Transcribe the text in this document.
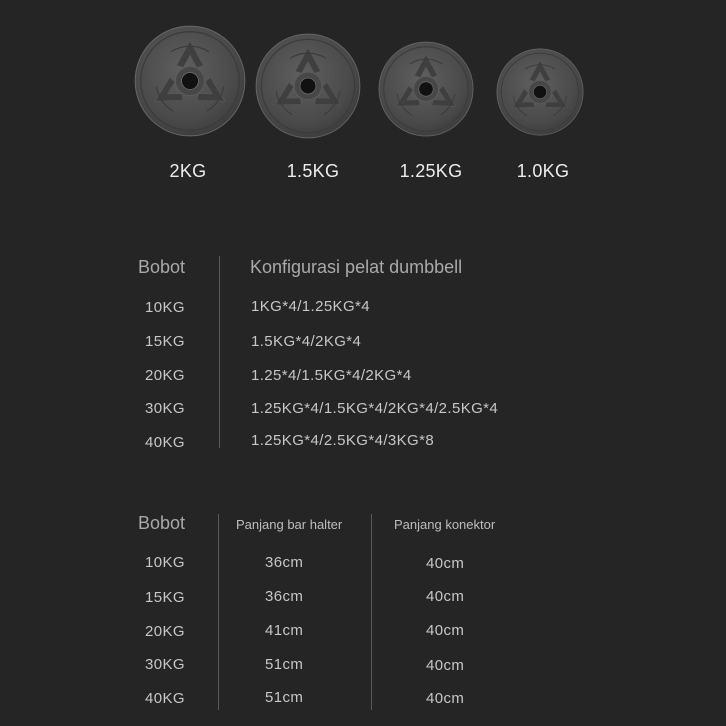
2KG	1.5KG	1.25KG	1.0KG
Bobot	Konfigurasi pelat dumbbell
10KG	1KG*4/1.25KG*4
15KG	1.5KG*4/2KG*4
20KG	1.25*4/1.5KG*4/2KG*4
30KG	1.25KG*4/1.5KG*4/2KG*4/2.5KG*4
40KG	1.25KG*4/2.5KG*4/3KG*8
Bobot	Panjang bar halter	Panjang konektor
10KG	36cm	40cm
15KG	36cm	40cm
20KG	41cm	40cm
30KG	51cm	40cm
40KG	51cm	40cm
